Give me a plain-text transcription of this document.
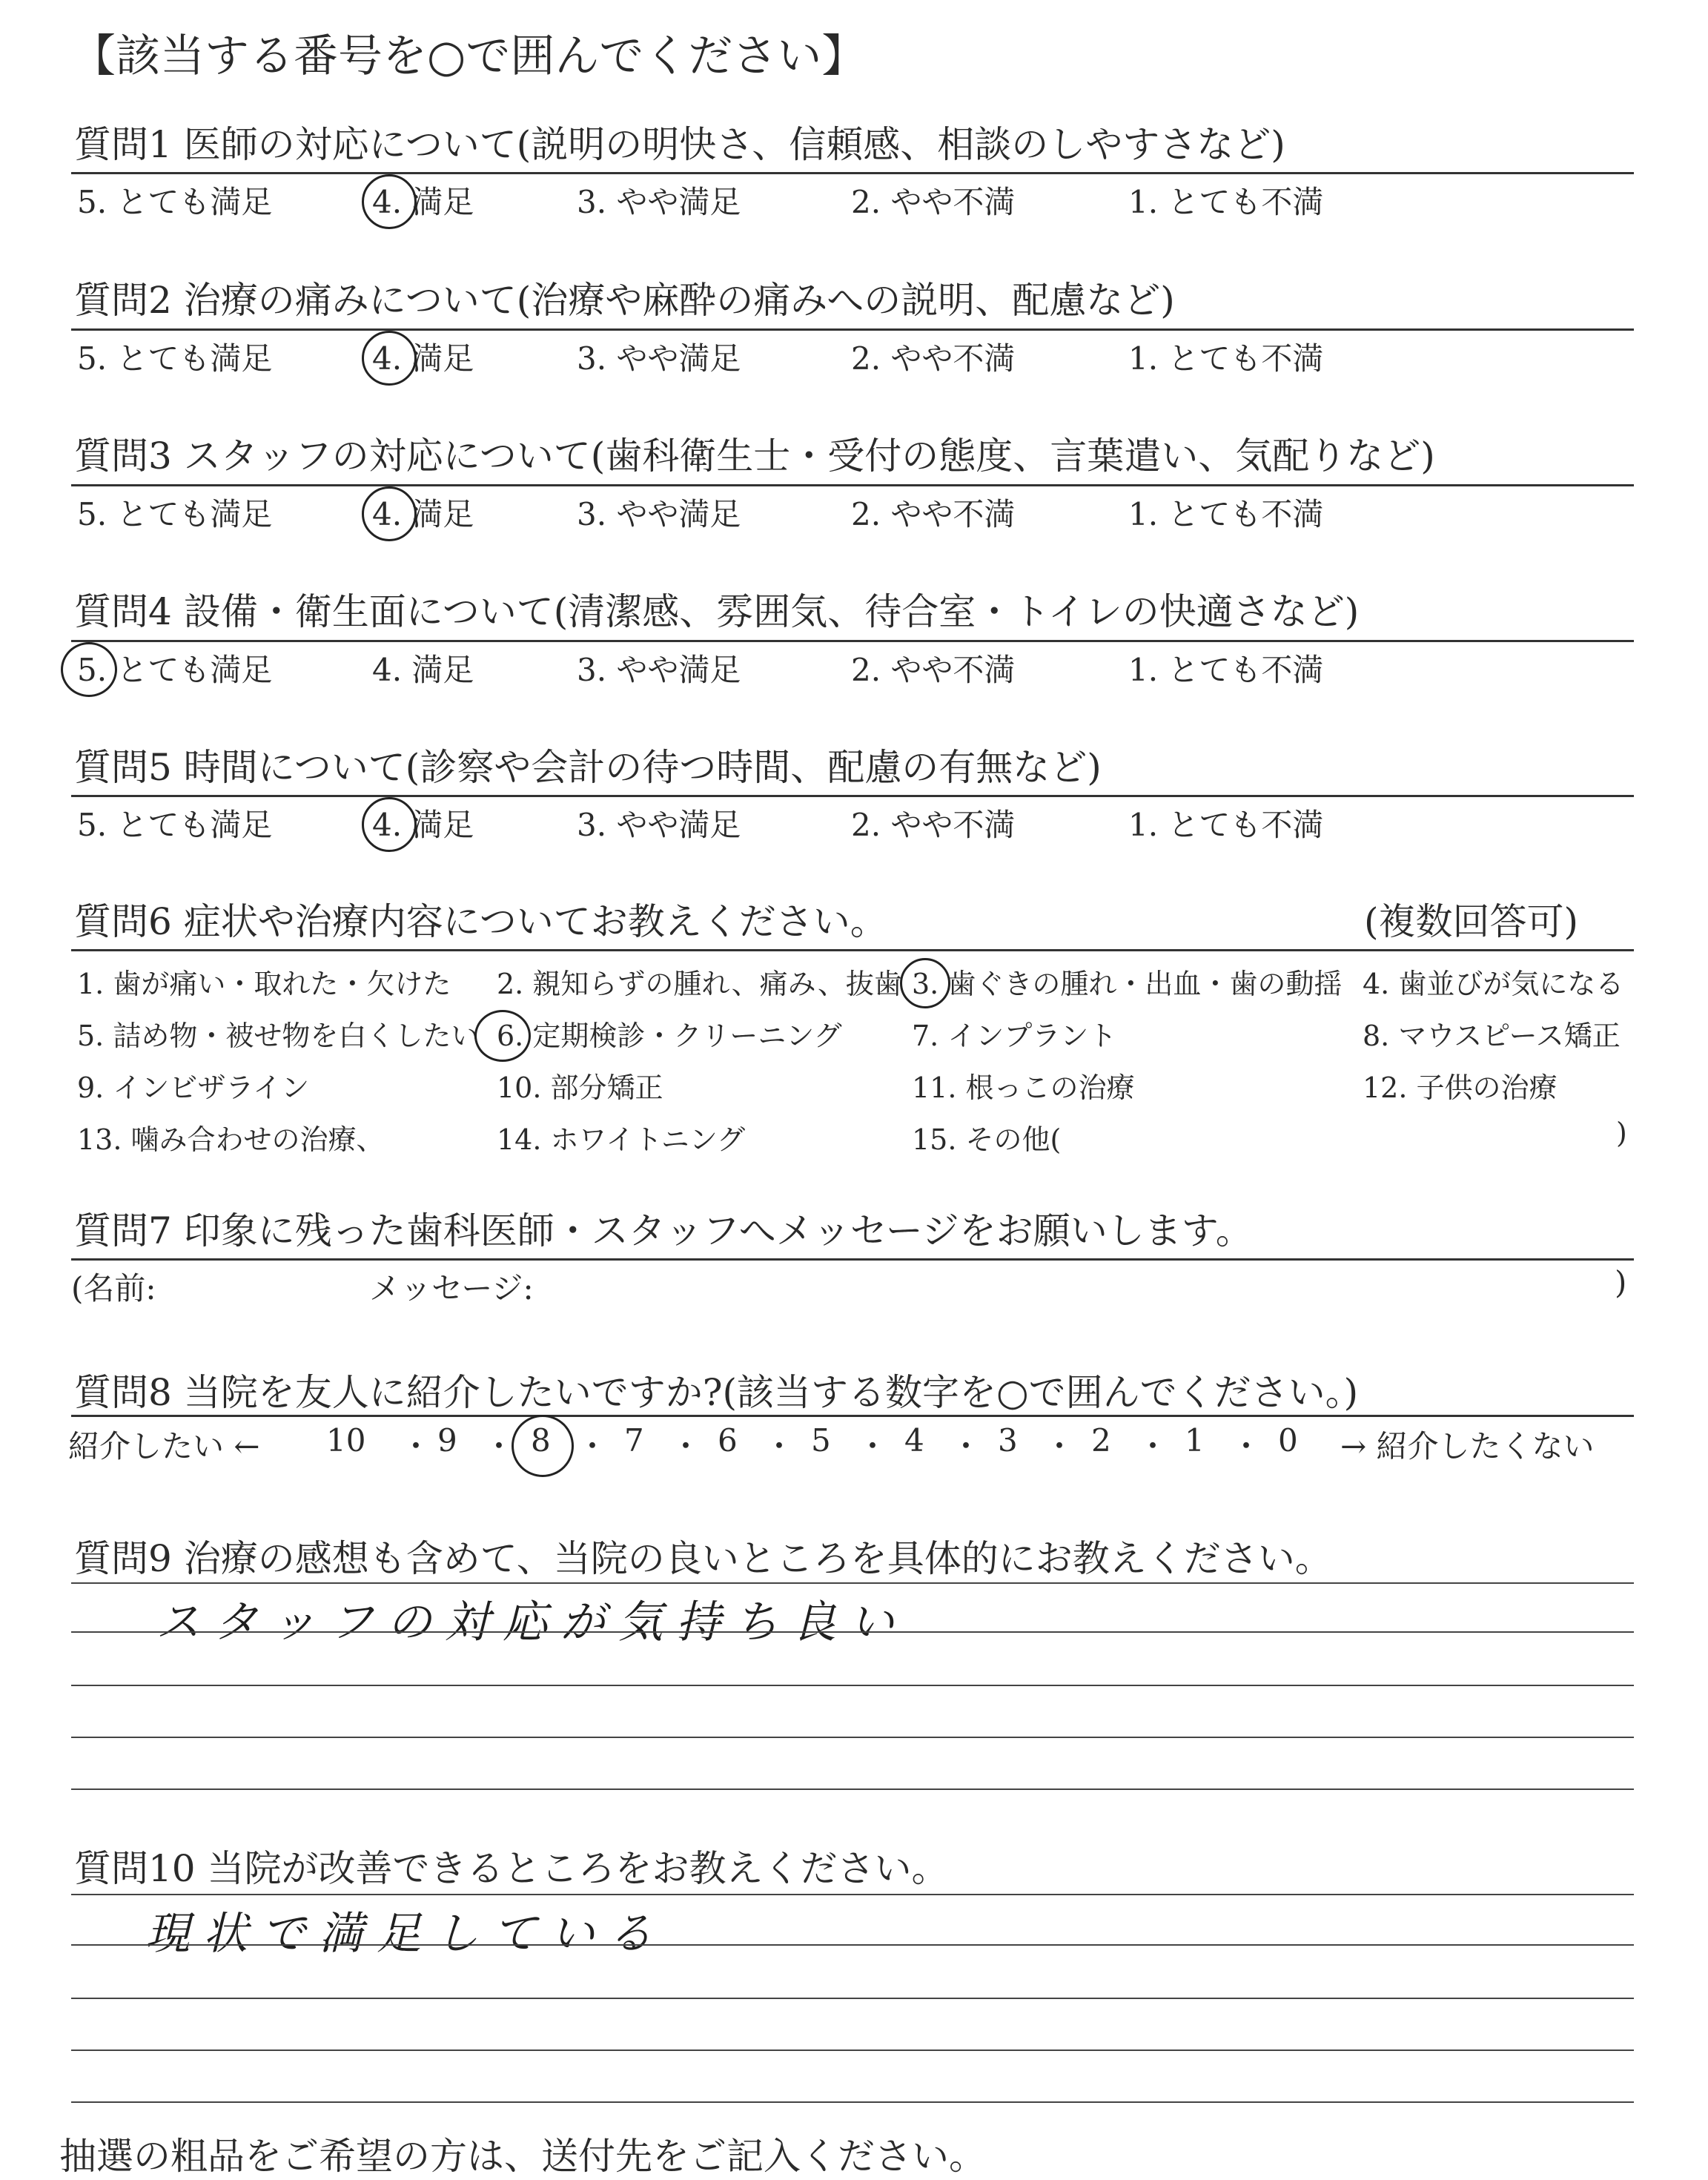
【該当する番号を○で囲んでください】
質問1 医師の対応について(説明の明快さ、信頼感、相談のしやすさなど)
5. とても満足	4. 満足	3. やや満足	2. やや不満	1. とても不満
質問2 治療の痛みについて(治療や麻酔の痛みへの説明、配慮など)
5. とても満足	4. 満足	3. やや満足	2. やや不満	1. とても不満
質問3 スタッフの対応について(歯科衛生士・受付の態度、言葉遣い、気配りなど)
5. とても満足	4. 満足	3. やや満足	2. やや不満	1. とても不満
質問4 設備・衛生面について(清潔感、雰囲気、待合室・トイレの快適さなど)
5. とても満足	4. 満足	3. やや満足	2. やや不満	1. とても不満
質問5 時間について(診察や会計の待つ時間、配慮の有無など)
5. とても満足	4. 満足	3. やや満足	2. やや不満	1. とても不満
質問6 症状や治療内容についてお教えください。	(複数回答可)
1. 歯が痛い・取れた・欠けた 2. 親知らずの腫れ、痛み、抜歯 3. 歯ぐきの腫れ・出血・歯の動揺 4. 歯並びが気になる
5. 詰め物・被せ物を白くしたい 6. 定期検診・クリーニング 7. インプラント	8. マウスピース矯正
9. インビザライン	10. 部分矯正	11. 根っこの治療	12. 子供の治療
13. 噛み合わせの治療、	14. ホワイトニング	15. その他(	)
質問7 印象に残った歯科医師・スタッフへメッセージをお願いします。
(名前:	メッセージ:	)
質問8 当院を友人に紹介したいですか?(該当する数字を○で囲んでください。)
紹介したい ← 10 ・ 9 ・ 8 ・ 7 ・ 6 ・ 5 ・ 4 ・ 3 ・ 2 ・ 1 ・ 0 → 紹介したくない
質問9 治療の感想も含めて、当院の良いところを具体的にお教えください。
スタッフの対応が気持ち良い
質問10 当院が改善できるところをお教えください。
現状で満足している
抽選の粗品をご希望の方は、送付先をご記入ください。
